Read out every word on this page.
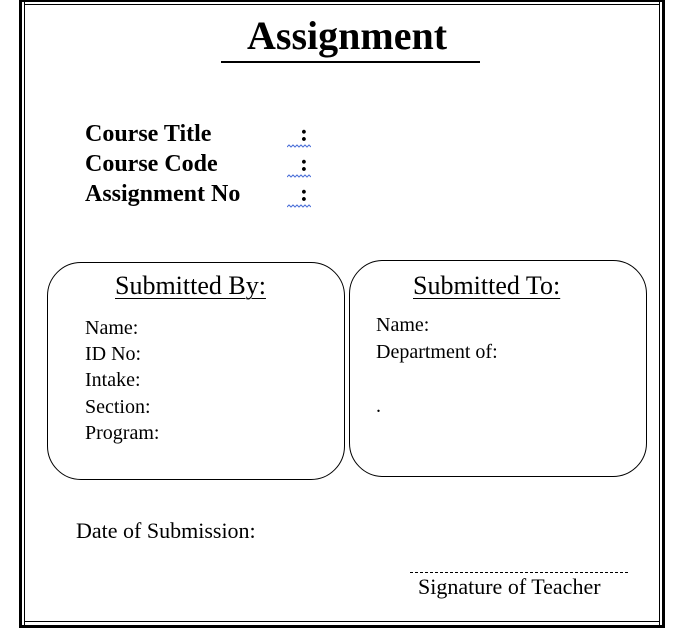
Assignment
Course Title	:
Course Code	:
Assignment No :
Submitted By:
Name:
ID No:
Intake:
Section:
Program:
Submitted To:
Name:
Department of:
.
Date of Submission:
Signature of Teacher
